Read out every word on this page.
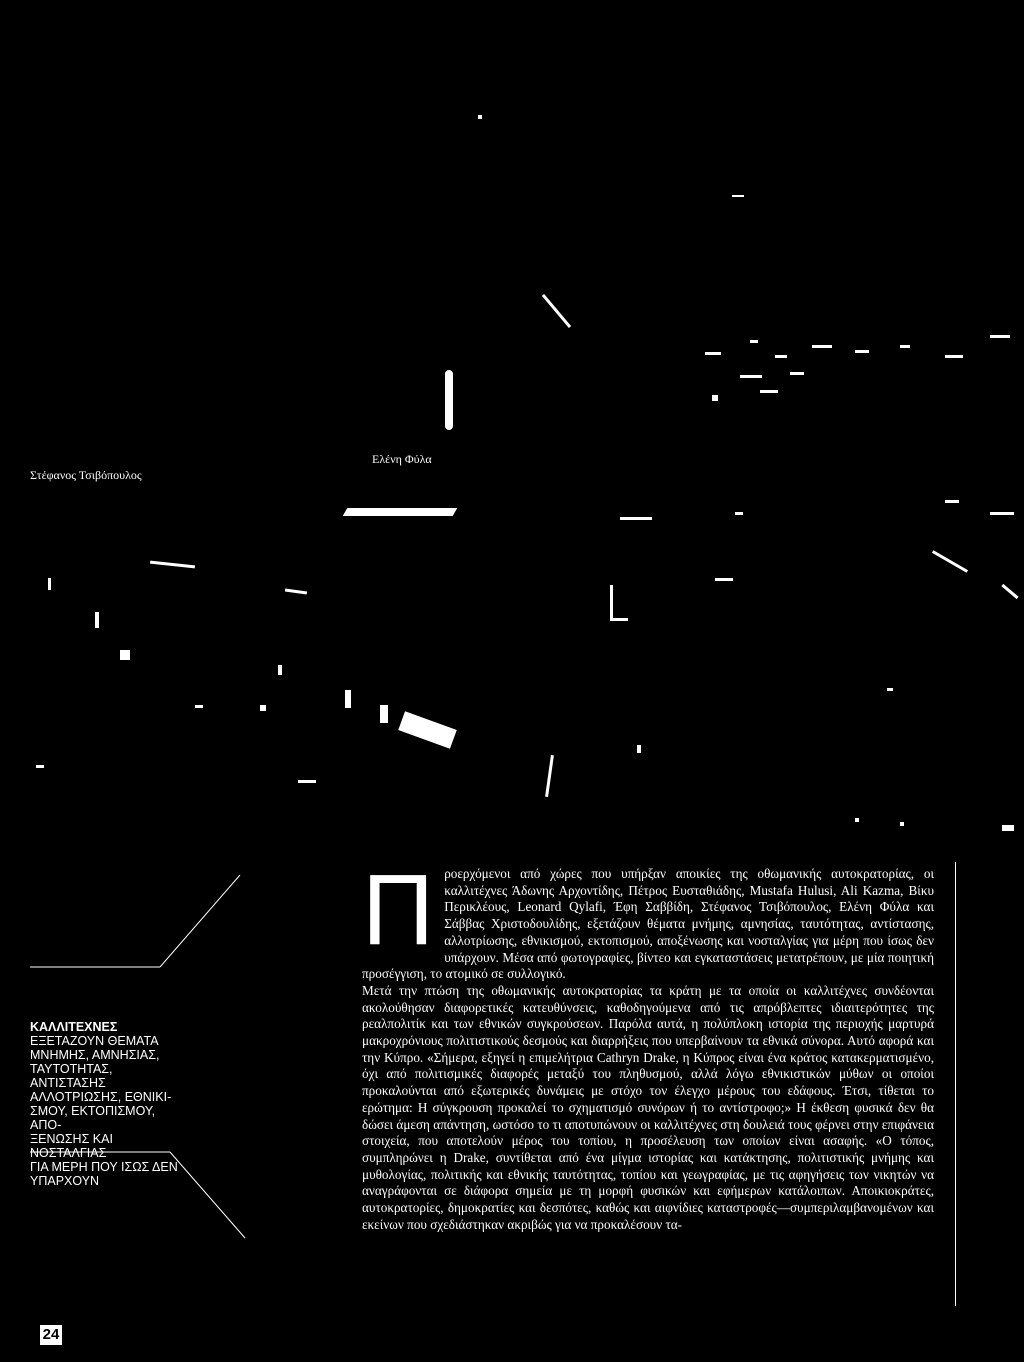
Στέφανος Τσιβόπουλος
Ελένη Φύλα
ΚΑΛΛΙΤΕΧΝΕΣ
ΕΞΕΤΑΖΟΥΝ ΘΕΜΑΤΑ
ΜΝΗΜΗΣ, ΑΜΝΗΣΙΑΣ,
ΤΑΥΤΟΤΗΤΑΣ, ΑΝΤΙΣΤΑΣΗΣ
ΑΛΛΟΤΡΙΩΣΗΣ, ΕΘΝΙΚΙ-
ΣΜΟΥ, ΕΚΤΟΠΙΣΜΟΥ, ΑΠΟ-
ΞΕΝΩΣΗΣ ΚΑΙ ΝΟΣΤΑΛΓΙΑΣ
ΓΙΑ ΜΕΡΗ ΠΟΥ ΙΣΩΣ ΔΕΝ
ΥΠΑΡΧΟΥΝ
Π ροερχόμενοι από χώρες που υπήρξαν αποικίες της οθωμανικής αυτοκρατορίας, οι καλλιτέχνες Άδωνης Αρχοντίδης, Πέτρος Ευσταθιάδης, Mustafa Hulusi, Ali Kazma, Βίκυ Περικλέους, Leonard Qylafi, Έφη Σαββίδη, Στέφανος Τσιβόπουλος, Ελένη Φύλα και Σάββας Χριστοδουλίδης, εξετάζουν θέματα μνήμης, αμνησίας, ταυτότητας, αντίστασης, αλλοτρίωσης, εθνικισμού, εκτοπισμού, αποξένωσης και νοσταλγίας για μέρη που ίσως δεν υπάρχουν. Μέσα από φωτογραφίες, βίντεο και εγκαταστάσεις μετατρέπουν, με μία ποιητική προσέγγιση, το ατομικό σε συλλογικό.

Μετά την πτώση της οθωμανικής αυτοκρατορίας τα κράτη με τα οποία οι καλλιτέχνες συνδέονται ακολούθησαν διαφορετικές κατευθύνσεις, καθοδηγούμενα από τις απρόβλεπτες ιδιαιτερότητες της ρεαλπολιτίκ και των εθνικών συγκρούσεων. Παρόλα αυτά, η πολύπλοκη ιστορία της περιοχής μαρτυρά μακροχρόνιους πολιτιστικούς δεσμούς και διαρρήξεις που υπερβαίνουν τα εθνικά σύνορα. Αυτό αφορά και την Κύπρο. «Σήμερα, εξηγεί η επιμελήτρια Cathryn Drake, η Κύπρος είναι ένα κράτος κατακερματισμένο, όχι από πολιτισμικές διαφορές μεταξύ του πληθυσμού, αλλά λόγω εθνικιστικών μύθων οι οποίοι προκαλούνται από εξωτερικές δυνάμεις με στόχο τον έλεγχο μέρους του εδάφους. Έτσι, τίθεται το ερώτημα: Η σύγκρουση προκαλεί το σχηματισμό συνόρων ή το αντίστροφο;» Η έκθεση φυσικά δεν θα δώσει άμεση απάντηση, ωστόσο το τι αποτυπώνουν οι καλλιτέχνες στη δουλειά τους φέρνει στην επιφάνεια στοιχεία, που αποτελούν μέρος του τοπίου, η προσέλευση των οποίων είναι ασαφής. «Ο τόπος, συμπληρώνει η Drake, συντίθεται από ένα μίγμα ιστορίας και κατάκτησης, πολιτιστικής μνήμης και μυθολογίας, πολιτικής και εθνικής ταυτότητας, τοπίου και γεωγραφίας, με τις αφηγήσεις των νικητών να αναγράφονται σε διάφορα σημεία με τη μορφή φυσικών και εφήμερων κατάλοιπων. Αποικιοκράτες, αυτοκρατορίες, δημοκρατίες και δεσπότες, καθώς και αιφνίδιες καταστροφές—συμπεριλαμβανομένων και εκείνων που σχεδιάστηκαν ακριβώς για να προκαλέσουν τα-

24
